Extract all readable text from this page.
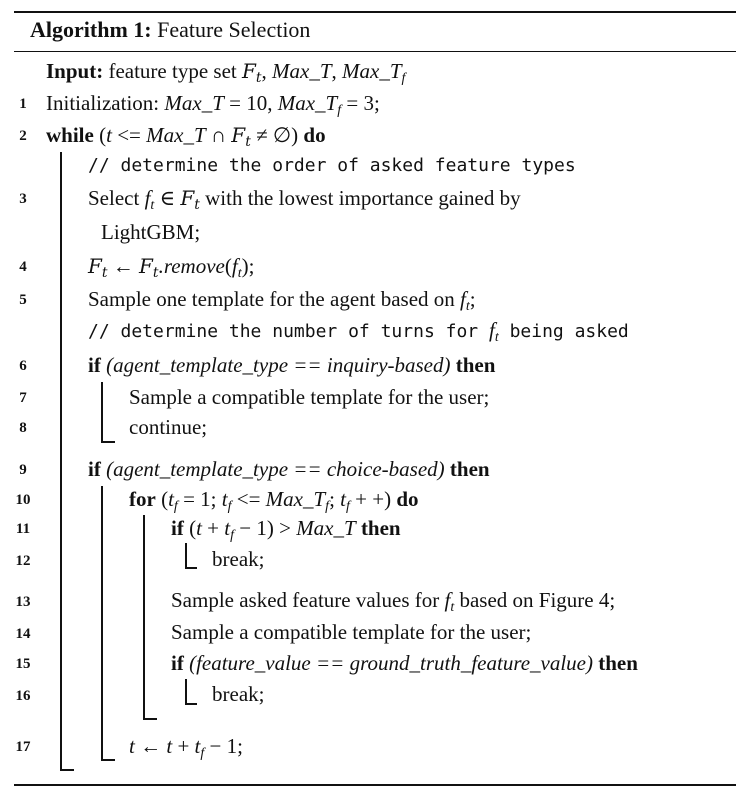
Algorithm 1: Feature Selection
Input: feature type set $F_t$, Max_T, $Max\_T_f$
1
2
3
4
5
6
7
8
9
10
11
12
13
14
15
16
17
Initialization: Max_T = 10, $Max\_T_f = 3$;
while (t <= Max_T ∩ $F_t$ ≠ ∅) do
// determine the order of asked feature types
Select $f_t$ ∈ $F_t$ with the lowest importance gained by
LightGBM;
$F_t$ ← $F_t.remove(f_t)$;
Sample one template for the agent based on $f_t$;
// determine the number of turns for $f_t$ being asked
if (agent_template_type == inquiry-based) then
Sample a compatible template for the user;
continue;
if (agent_template_type == choice-based) then
for ($t_f = 1$; $t_f$ <= $Max\_T_f$; $t_f$ + +) do
if $(t + t_f - 1)$ > Max_T then
break;
Sample asked feature values for $f_t$ based on Figure 4;
Sample a compatible template for the user;
if (feature_value == ground_truth_feature_value) then
break;
t ← $t + t_f - 1$;
